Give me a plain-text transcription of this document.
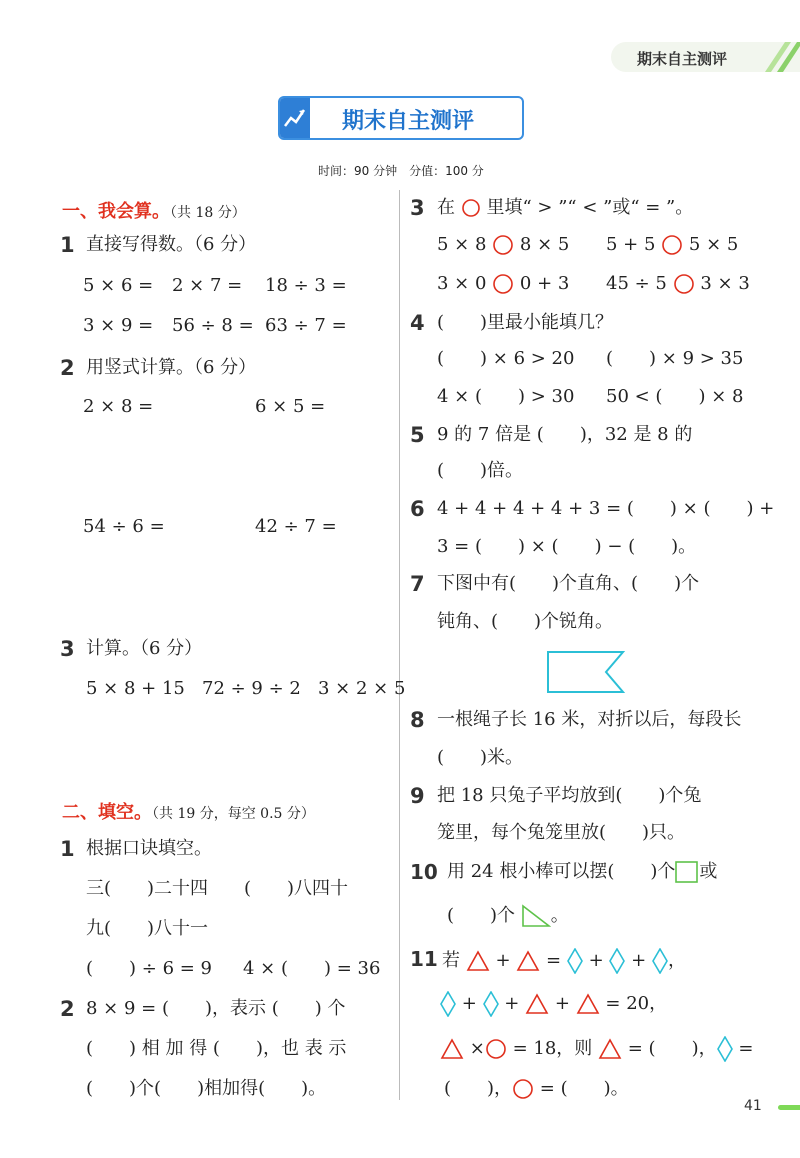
期末自主测评
期末自主测评
时间：90 分钟　分值：100 分
一、我会算。（共 18 分）
1 直接写得数。（6 分）
5 × 6 = 2 × 7 = 18 ÷ 3 =
3 × 9 = 56 ÷ 8 = 63 ÷ 7 =
2 用竖式计算。（6 分）
2 × 8 =	6 × 5 =
54 ÷ 6 =	42 ÷ 7 =
3 计算。（6 分）
5 × 8 + 15 72 ÷ 9 ÷ 2 3 × 2 × 5
二、填空。（共 19 分，每空 0.5 分）
1 根据口诀填空。
三(　　)二十四 (　　)八四十
九(　　)八十一
(　　) ÷ 6 = 9 4 × (　　) = 36
2 8 × 9 = (　　)，表示 (　　) 个
(　　) 相 加 得 (　　)，也 表 示
(　　)个(　　)相加得(　　)。
3 在 里填“ > ”“ < ”或“ = ”。
5 × 8 8 × 5 5 + 5 5 × 5
3 × 0 0 + 3 45 ÷ 5 3 × 3
4 (　　)里最小能填几？
(　　) × 6 > 20 (　　) × 9 > 35
4 × (　　) > 30 50 < (　　) × 8
5 9 的 7 倍是 (　　)，32 是 8 的
(　　)倍。
6 4 + 4 + 4 + 4 + 3 = (　　) × (　　) +
3 = (　　) × (　　) − (　　)。
7 下图中有(　　)个直角、(　　)个
钝角、(　　)个锐角。
8 一根绳子长 16 米，对折以后，每段长
(　　)米。
9 把 18 只兔子平均放到(　　)个兔
笼里，每个兔笼里放(　　)只。
10 用 24 根小棒可以摆(　　)个 或
(　　)个 。
11 若 + = + + ，
+ + + = 20，
× = 18，则 = (　　)， =
(　　)， = (　　)。
41
